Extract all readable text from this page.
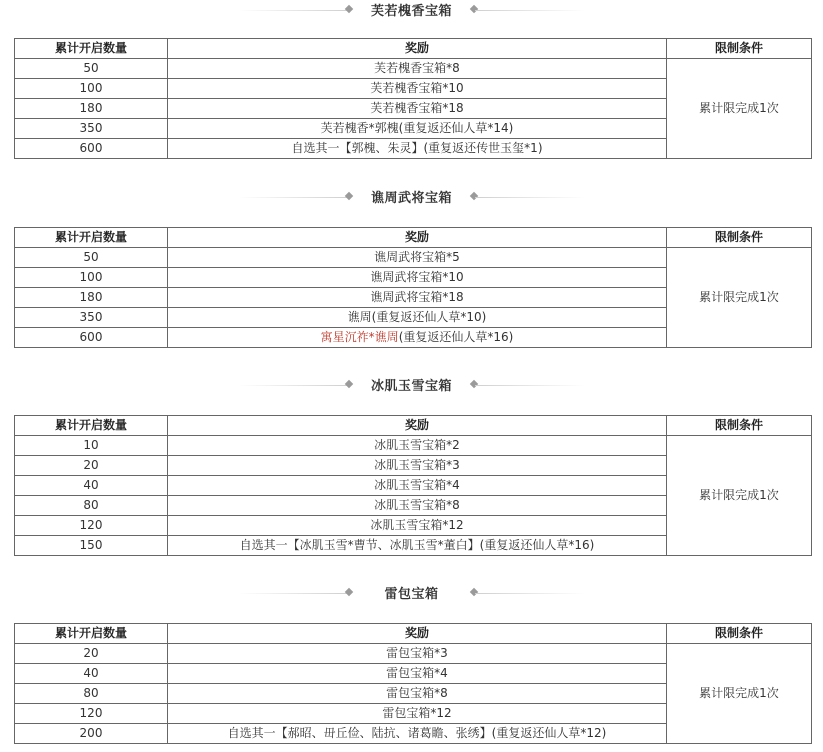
芙若槐香宝箱
累计开启数量	奖励	限制条件
50	芙若槐香宝箱*8	累计限完成1次
100	芙若槐香宝箱*10	
180	芙若槐香宝箱*18	
350	芙若槐香*郭槐(重复返还仙人草*14)	
600	自选其一【郭槐、朱灵】(重复返还传世玉玺*1)	
谯周武将宝箱
累计开启数量	奖励	限制条件
50	谯周武将宝箱*5	累计限完成1次
100	谯周武将宝箱*10	
180	谯周武将宝箱*18	
350	谯周(重复返还仙人草*10)	
600	寓星沉祚*谯周(重复返还仙人草*16)	
冰肌玉雪宝箱
累计开启数量	奖励	限制条件
10	冰肌玉雪宝箱*2	累计限完成1次
20	冰肌玉雪宝箱*3	
40	冰肌玉雪宝箱*4	
80	冰肌玉雪宝箱*8	
120	冰肌玉雪宝箱*12	
150	自选其一【冰肌玉雪*曹节、冰肌玉雪*董白】(重复返还仙人草*16)	
雷包宝箱
累计开启数量	奖励	限制条件
20	雷包宝箱*3	累计限完成1次
40	雷包宝箱*4	
80	雷包宝箱*8	
120	雷包宝箱*12	
200	自选其一【郝昭、毌丘俭、陆抗、诸葛瞻、张绣】(重复返还仙人草*12)	
